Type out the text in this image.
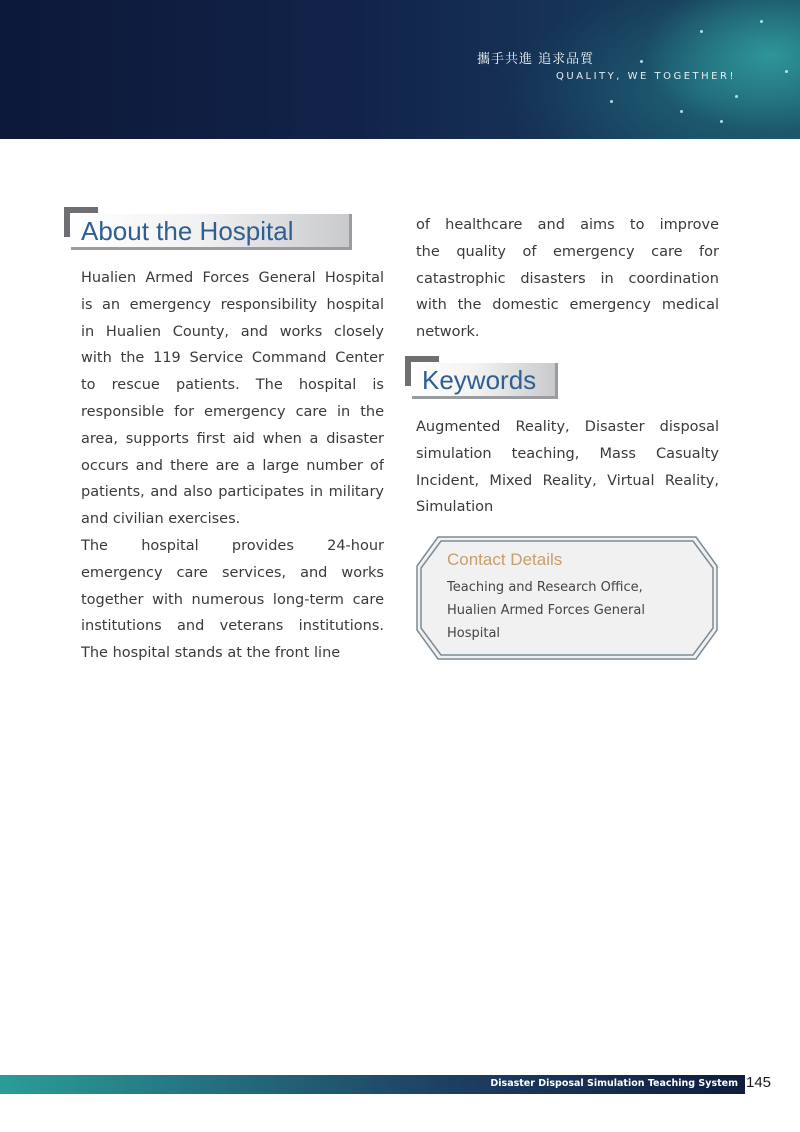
攜手共進 追求品質
QUALITY, WE TOGETHER!
About the Hospital
Hualien Armed Forces General Hospital
is an emergency responsibility hospital
in Hualien County, and works closely
with the 119 Service Command Center
to rescue patients. The hospital is
responsible for emergency care in the
area, supports first aid when a disaster
occurs and there are a large number of
patients, and also participates in military
and civilian exercises.
The hospital provides 24-hour
emergency care services, and works
together with numerous long-term care
institutions and veterans institutions.
The hospital stands at the front line
of healthcare and aims to improve
the quality of emergency care for
catastrophic disasters in coordination
with the domestic emergency medical
network.
Keywords
Augmented Reality, Disaster disposal
simulation teaching, Mass Casualty
Incident, Mixed Reality, Virtual Reality,
Simulation
Contact Details
Teaching and Research Office,
Hualien Armed Forces General
Hospital
Disaster Disposal Simulation Teaching System 145
